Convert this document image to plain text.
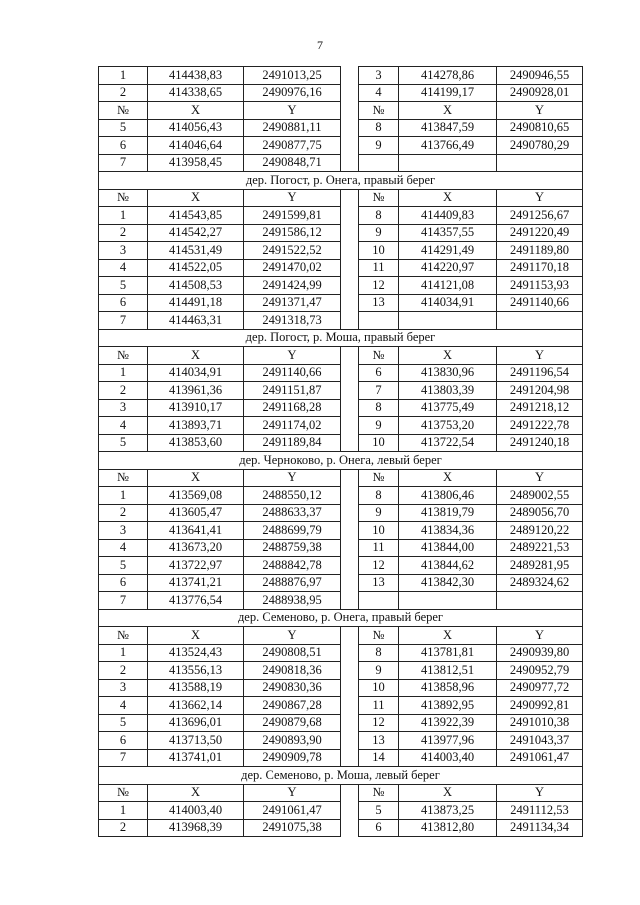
7
1	414438,83	2491013,25		3	414278,86	2490946,55
2	414338,65	2490976,16		4	414199,17	2490928,01
№	X	Y		№	X	Y
5	414056,43	2490881,11		8	413847,59	2490810,65
6	414046,64	2490877,75		9	413766,49	2490780,29
7	413958,45	2490848,71				
дер. Погост, р. Онега, правый берег						
№	X	Y		№	X	Y
1	414543,85	2491599,81		8	414409,83	2491256,67
2	414542,27	2491586,12		9	414357,55	2491220,49
3	414531,49	2491522,52		10	414291,49	2491189,80
4	414522,05	2491470,02		11	414220,97	2491170,18
5	414508,53	2491424,99		12	414121,08	2491153,93
6	414491,18	2491371,47		13	414034,91	2491140,66
7	414463,31	2491318,73				
дер. Погост, р. Моша, правый берег						
№	X	Y		№	X	Y
1	414034,91	2491140,66		6	413830,96	2491196,54
2	413961,36	2491151,87		7	413803,39	2491204,98
3	413910,17	2491168,28		8	413775,49	2491218,12
4	413893,71	2491174,02		9	413753,20	2491222,78
5	413853,60	2491189,84		10	413722,54	2491240,18
дер. Черноково, р. Онега, левый берег						
№	X	Y		№	X	Y
1	413569,08	2488550,12		8	413806,46	2489002,55
2	413605,47	2488633,37		9	413819,79	2489056,70
3	413641,41	2488699,79		10	413834,36	2489120,22
4	413673,20	2488759,38		11	413844,00	2489221,53
5	413722,97	2488842,78		12	413844,62	2489281,95
6	413741,21	2488876,97		13	413842,30	2489324,62
7	413776,54	2488938,95				
дер. Семеново, р. Онега, правый берег						
№	X	Y		№	X	Y
1	413524,43	2490808,51		8	413781,81	2490939,80
2	413556,13	2490818,36		9	413812,51	2490952,79
3	413588,19	2490830,36		10	413858,96	2490977,72
4	413662,14	2490867,28		11	413892,95	2490992,81
5	413696,01	2490879,68		12	413922,39	2491010,38
6	413713,50	2490893,90		13	413977,96	2491043,37
7	413741,01	2490909,78		14	414003,40	2491061,47
дер. Семеново, р. Моша, левый берег						
№	X	Y		№	X	Y
1	414003,40	2491061,47		5	413873,25	2491112,53
2	413968,39	2491075,38		6	413812,80	2491134,34
